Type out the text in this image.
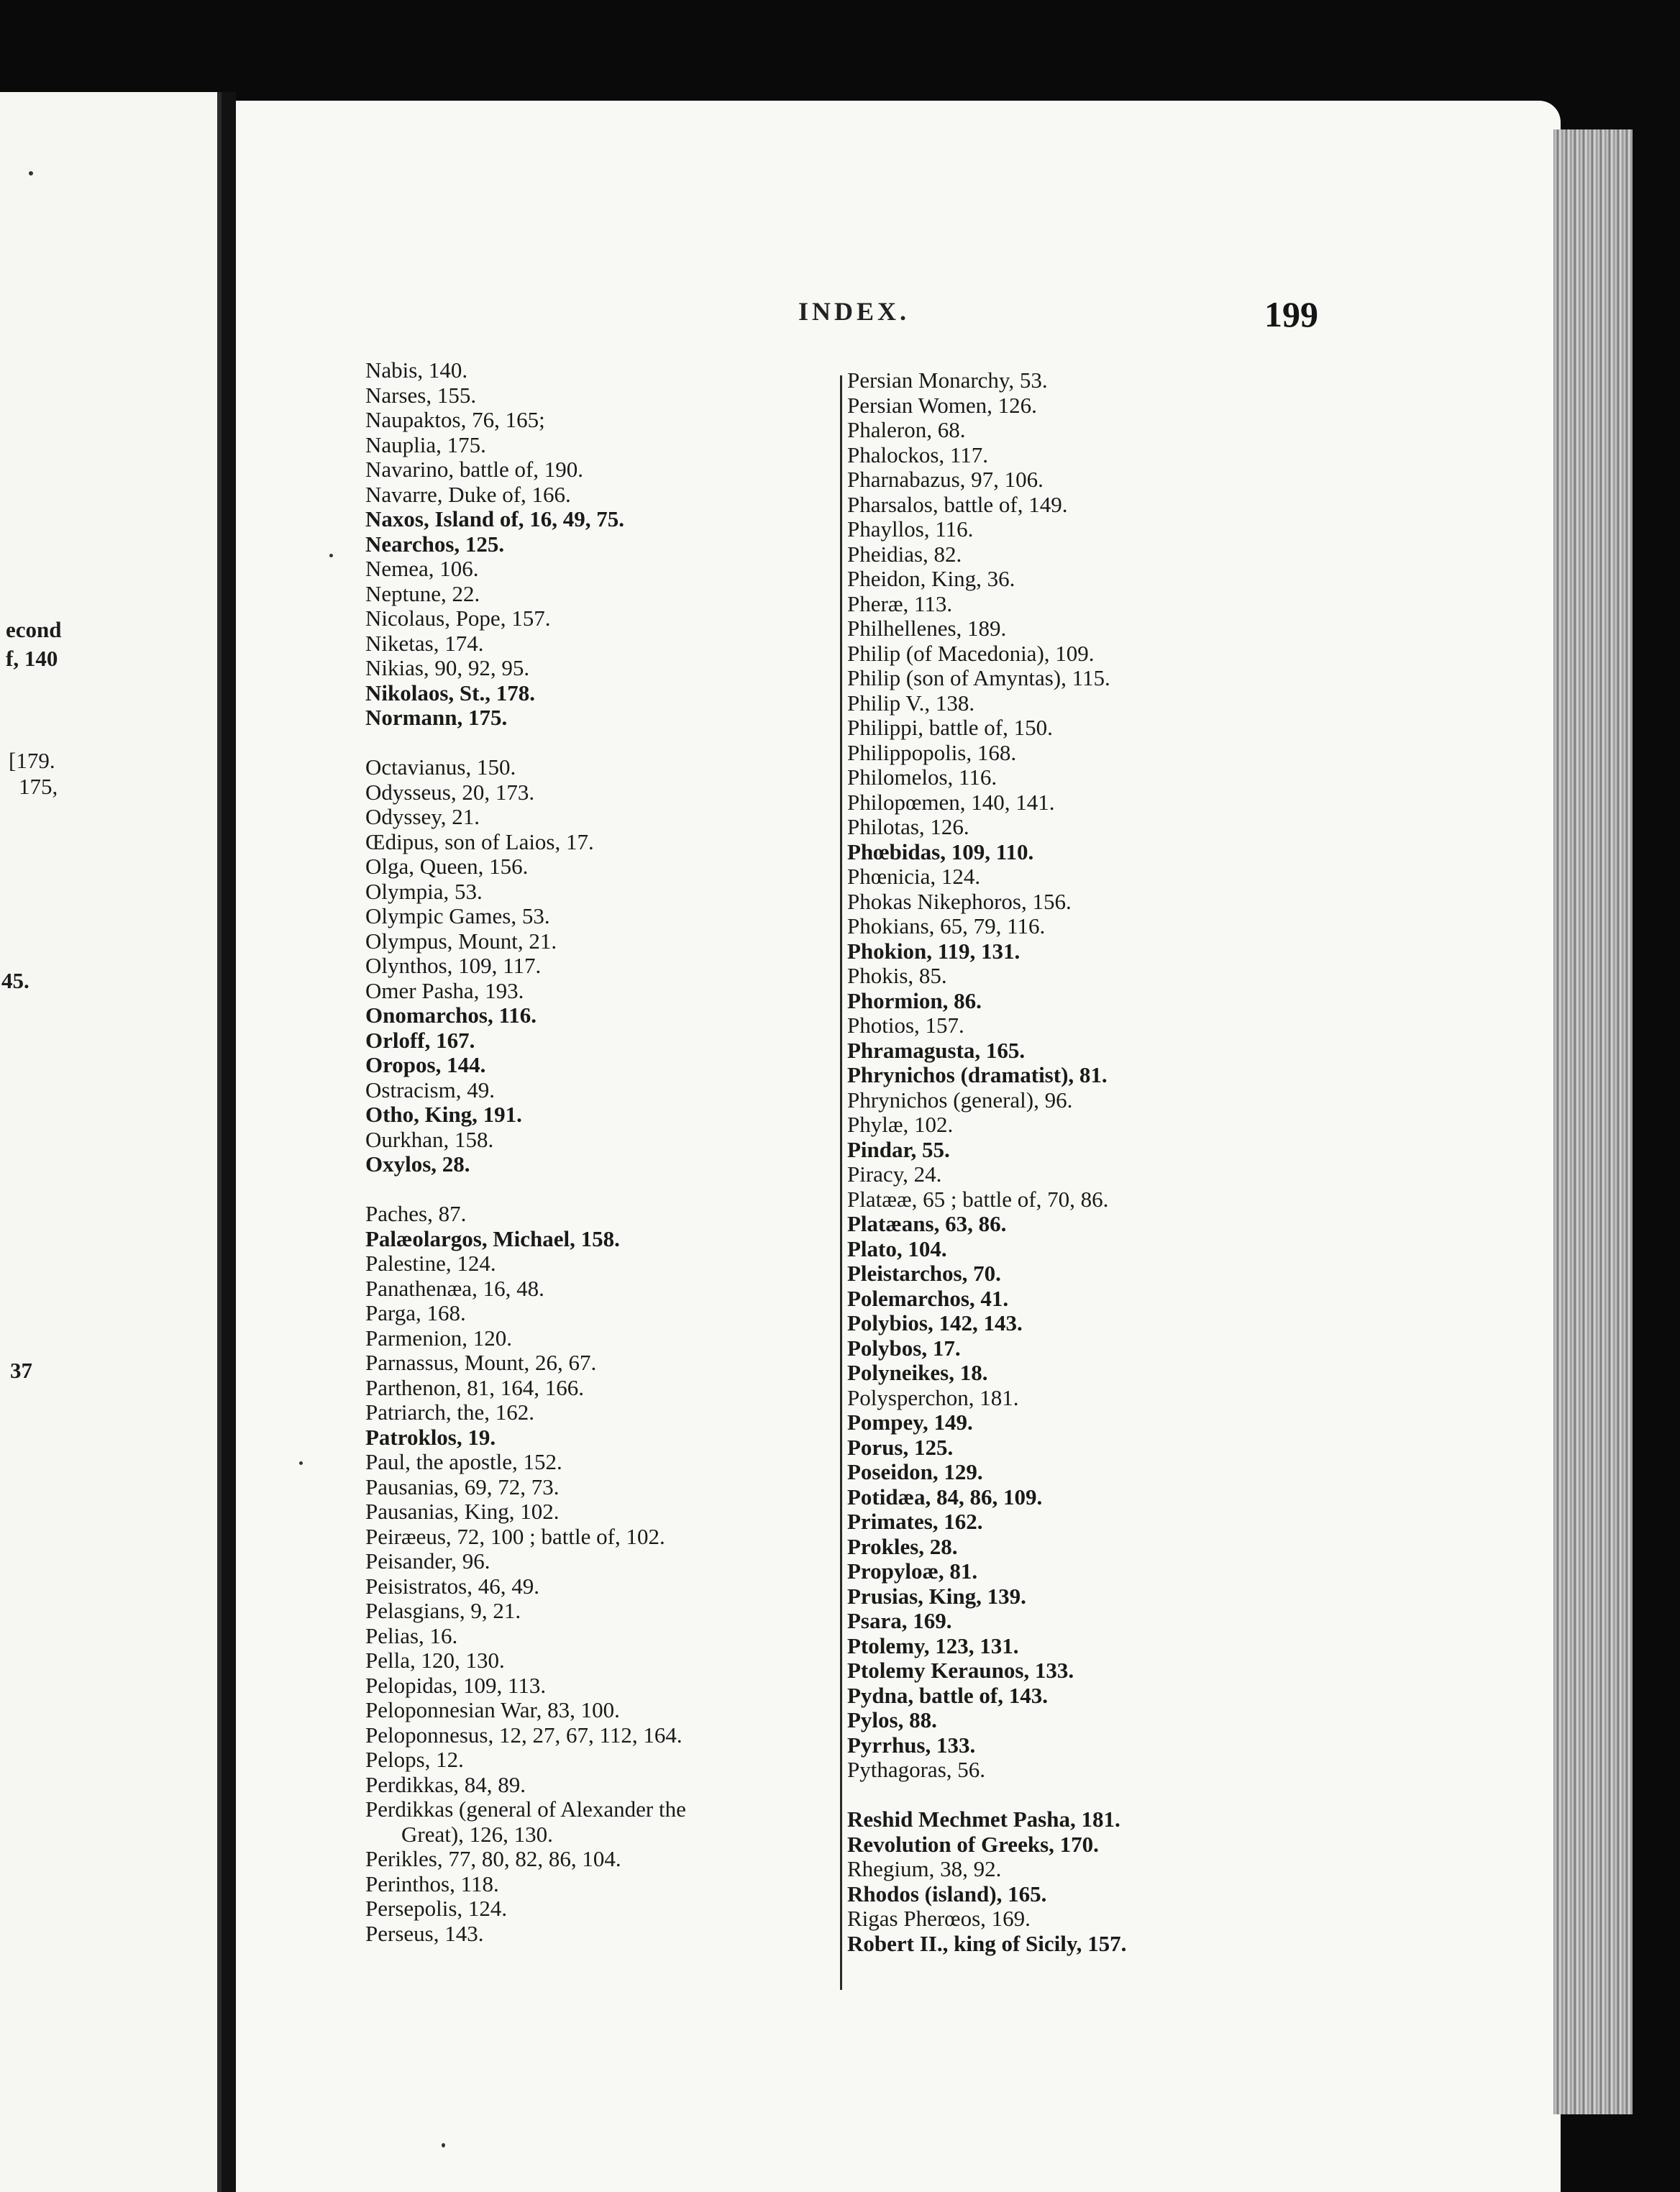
econd
f, 140
[179.
175,
45.
37
INDEX.	199
Nabis, 140.
Narses, 155.
Naupaktos, 76, 165;
Nauplia, 175.
Navarino, battle of, 190.
Navarre, Duke of, 166.
Naxos, Island of, 16, 49, 75.
Nearchos, 125.
Nemea, 106.
Neptune, 22.
Nicolaus, Pope, 157.
Niketas, 174.
Nikias, 90, 92, 95.
Nikolaos, St., 178.
Normann, 175.
Octavianus, 150.
Odysseus, 20, 173.
Odyssey, 21.
Œdipus, son of Laios, 17.
Olga, Queen, 156.
Olympia, 53.
Olympic Games, 53.
Olympus, Mount, 21.
Olynthos, 109, 117.
Omer Pasha, 193.
Onomarchos, 116.
Orloff, 167.
Oropos, 144.
Ostracism, 49.
Otho, King, 191.
Ourkhan, 158.
Oxylos, 28.
Paches, 87.
Palæolargos, Michael, 158.
Palestine, 124.
Panathenæa, 16, 48.
Parga, 168.
Parmenion, 120.
Parnassus, Mount, 26, 67.
Parthenon, 81, 164, 166.
Patriarch, the, 162.
Patroklos, 19.
Paul, the apostle, 152.
Pausanias, 69, 72, 73.
Pausanias, King, 102.
Peiræeus, 72, 100 ; battle of, 102.
Peisander, 96.
Peisistratos, 46, 49.
Pelasgians, 9, 21.
Pelias, 16.
Pella, 120, 130.
Pelopidas, 109, 113.
Peloponnesian War, 83, 100.
Peloponnesus, 12, 27, 67, 112, 164.
Pelops, 12.
Perdikkas, 84, 89.
Perdikkas (general of Alexander the
Great), 126, 130.
Perikles, 77, 80, 82, 86, 104.
Perinthos, 118.
Persepolis, 124.
Perseus, 143.
Persian Monarchy, 53.
Persian Women, 126.
Phaleron, 68.
Phalockos, 117.
Pharnabazus, 97, 106.
Pharsalos, battle of, 149.
Phayllos, 116.
Pheidias, 82.
Pheidon, King, 36.
Pheræ, 113.
Philhellenes, 189.
Philip (of Macedonia), 109.
Philip (son of Amyntas), 115.
Philip V., 138.
Philippi, battle of, 150.
Philippopolis, 168.
Philomelos, 116.
Philopœmen, 140, 141.
Philotas, 126.
Phœbidas, 109, 110.
Phœnicia, 124.
Phokas Nikephoros, 156.
Phokians, 65, 79, 116.
Phokion, 119, 131.
Phokis, 85.
Phormion, 86.
Photios, 157.
Phramagusta, 165.
Phrynichos (dramatist), 81.
Phrynichos (general), 96.
Phylæ, 102.
Pindar, 55.
Piracy, 24.
Platææ, 65 ; battle of, 70, 86.
Platæans, 63, 86.
Plato, 104.
Pleistarchos, 70.
Polemarchos, 41.
Polybios, 142, 143.
Polybos, 17.
Polyneikes, 18.
Polysperchon, 181.
Pompey, 149.
Porus, 125.
Poseidon, 129.
Potidæa, 84, 86, 109.
Primates, 162.
Prokles, 28.
Propyloæ, 81.
Prusias, King, 139.
Psara, 169.
Ptolemy, 123, 131.
Ptolemy Keraunos, 133.
Pydna, battle of, 143.
Pylos, 88.
Pyrrhus, 133.
Pythagoras, 56.
Reshid Mechmet Pasha, 181.
Revolution of Greeks, 170.
Rhegium, 38, 92.
Rhodos (island), 165.
Rigas Pherœos, 169.
Robert II., king of Sicily, 157.
